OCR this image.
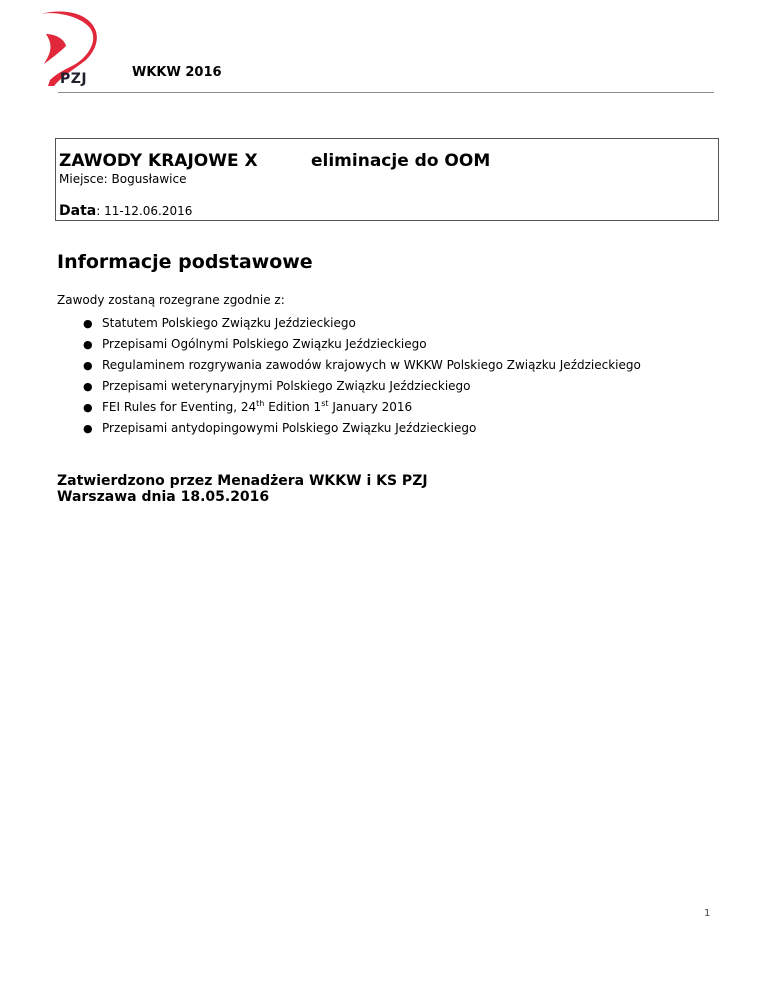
PZJ	WKKW 2016
ZAWODY KRAJOWE X	eliminacje do OOM
Miejsce: Bogusławice
Data: 11-12.06.2016
Informacje podstawowe
Zawody zostaną rozegrane zgodnie z:
● Statutem Polskiego Związku Jeździeckiego
● Przepisami Ogólnymi Polskiego Związku Jeździeckiego
● Regulaminem rozgrywania zawodów krajowych w WKKW Polskiego Związku Jeździeckiego
● Przepisami weterynaryjnymi Polskiego Związku Jeździeckiego
● FEI Rules for Eventing, 24th Edition 1st January 2016
● Przepisami antydopingowymi Polskiego Związku Jeździeckiego
Zatwierdzono przez Menadżera WKKW i KS PZJ
Warszawa dnia 18.05.2016
1
